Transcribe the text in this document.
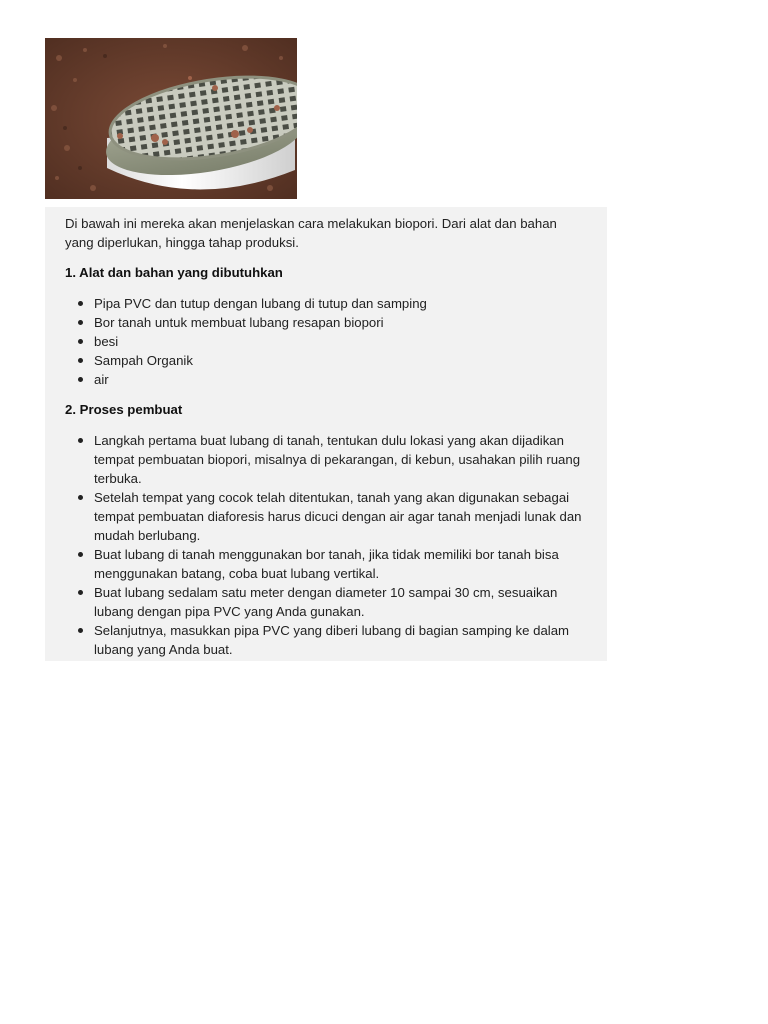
Di bawah ini mereka akan menjelaskan cara melakukan biopori. Dari alat dan bahan yang diperlukan, hingga tahap produksi.

1. Alat dan bahan yang dibutuhkan
Pipa PVC dan tutup dengan lubang di tutup dan samping
Bor tanah untuk membuat lubang resapan biopori
besi
Sampah Organik
air
2. Proses pembuat
Langkah pertama buat lubang di tanah, tentukan dulu lokasi yang akan dijadikan tempat pembuatan biopori, misalnya di pekarangan, di kebun, usahakan pilih ruang terbuka.
Setelah tempat yang cocok telah ditentukan, tanah yang akan digunakan sebagai tempat pembuatan diaforesis harus dicuci dengan air agar tanah menjadi lunak dan mudah berlubang.
Buat lubang di tanah menggunakan bor tanah, jika tidak memiliki bor tanah bisa menggunakan batang, coba buat lubang vertikal.
Buat lubang sedalam satu meter dengan diameter 10 sampai 30 cm, sesuaikan lubang dengan pipa PVC yang Anda gunakan.
Selanjutnya, masukkan pipa PVC yang diberi lubang di bagian samping ke dalam lubang yang Anda buat.
